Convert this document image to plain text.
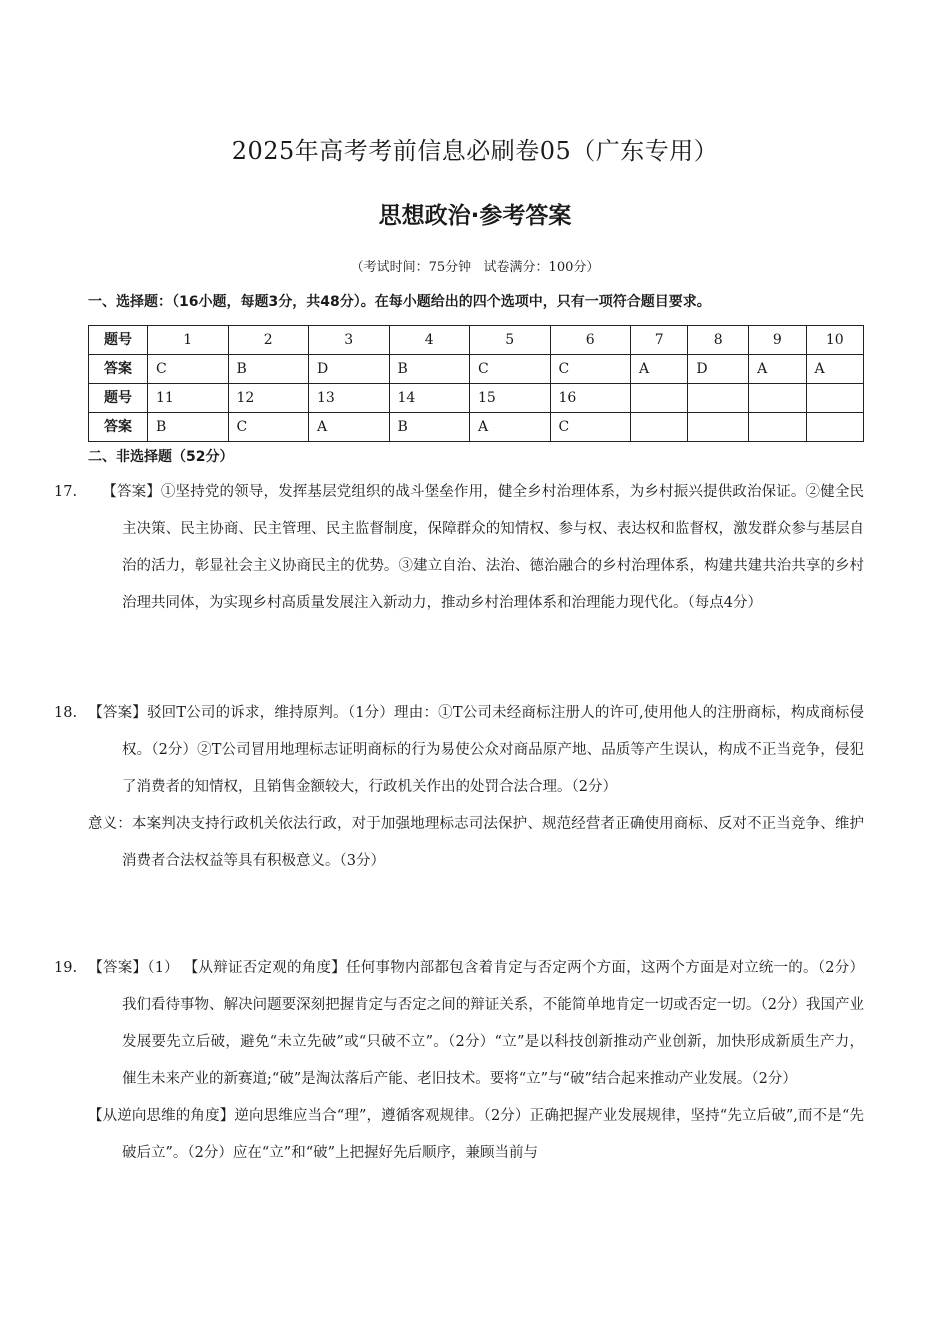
2025年高考考前信息必刷卷05（广东专用）
思想政治·参考答案
（考试时间：75分钟   试卷满分：100分）
一、选择题：（16小题，每题3分，共48分）。在每小题给出的四个选项中，只有一项符合题目要求。
题号	1	2	3	4	5	6	7	8	9	10
答案	C	B	D	B	C	C	A	D	A	A
题号	11	12	13	14	15	16				
答案	B	C	A	B	A	C				
二、非选择题（52分）
17. 【答案】①坚持党的领导，发挥基层党组织的战斗堡垒作用，健全乡村治理体系，为乡村振兴提供政治保证。②健全民主决策、民主协商、民主管理、民主监督制度，保障群众的知情权、参与权、表达权和监督权，激发群众参与基层自治的活力，彰显社会主义协商民主的优势。③建立自治、法治、德治融合的乡村治理体系，构建共建共治共享的乡村治理共同体，为实现乡村高质量发展注入新动力，推动乡村治理体系和治理能力现代化。（每点4分）
18. 【答案】驳回T公司的诉求，维持原判。（1分）理由：①T公司未经商标注册人的许可,使用他人的注册商标，构成商标侵权。（2分）②T公司冒用地理标志证明商标的行为易使公众对商品原产地、品质等产生误认，构成不正当竞争，侵犯了消费者的知情权，且销售金额较大，行政机关作出的处罚合法合理。（2分）
意义：本案判决支持行政机关依法行政，对于加强地理标志司法保护、规范经营者正确使用商标、反对不正当竞争、维护消费者合法权益等具有积极意义。（3分）
19. 【答案】（1） 【从辩证否定观的角度】任何事物内部都包含着肯定与否定两个方面，这两个方面是对立统一的。（2分）我们看待事物、解决问题要深刻把握肯定与否定之间的辩证关系，不能简单地肯定一切或否定一切。（2分）我国产业发展要先立后破，避免“未立先破”或“只破不立”。（2分）“立”是以科技创新推动产业创新，加快形成新质生产力，催生未来产业的新赛道;“破”是淘汰落后产能、老旧技术。要将“立”与“破”结合起来推动产业发展。（2分）
【从逆向思维的角度】逆向思维应当合“理”，遵循客观规律。（2分）正确把握产业发展规律，坚持“先立后破”,而不是“先破后立”。（2分）应在“立”和“破”上把握好先后顺序，兼顾当前与
